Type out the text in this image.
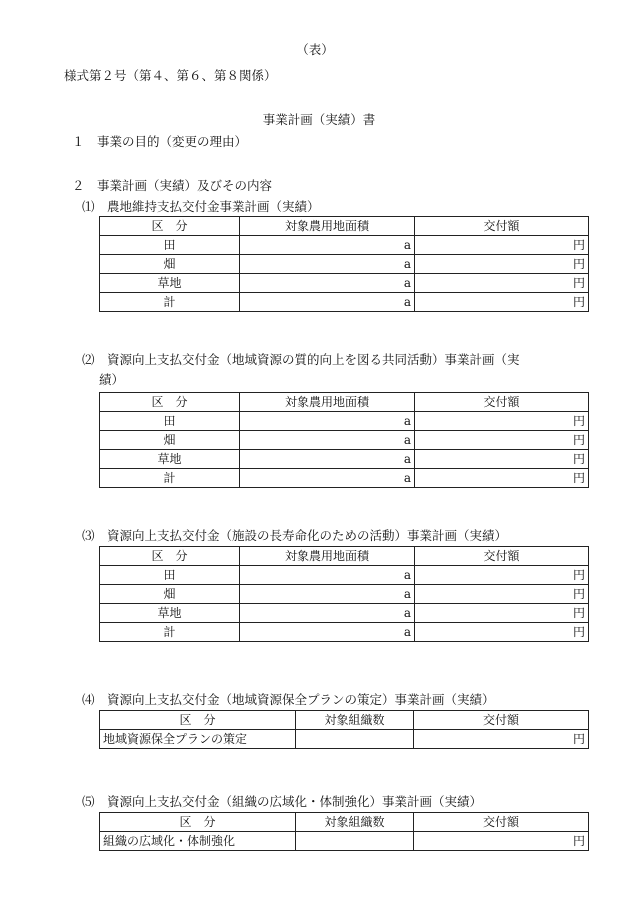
（表）
様式第２号（第４、第６、第８関係）
事業計画（実績）書
１　事業の目的（変更の理由）
２　事業計画（実績）及びその内容
⑴　農地維持支払交付金事業計画（実績）
区　分	対象農用地面積	交付額
田	a	円
畑	a	円
草地	a	円
計	a	円
⑵　資源向上支払交付金（地域資源の質的向上を図る共同活動）事業計画（実
績）
区　分	対象農用地面積	交付額
田	a	円
畑	a	円
草地	a	円
計	a	円
⑶　資源向上支払交付金（施設の長寿命化のための活動）事業計画（実績）
区　分	対象農用地面積	交付額
田	a	円
畑	a	円
草地	a	円
計	a	円
⑷　資源向上支払交付金（地域資源保全プランの策定）事業計画（実績）
区　分	対象組織数	交付額
地域資源保全プランの策定		円
⑸　資源向上支払交付金（組織の広域化・体制強化）事業計画（実績）
区　分	対象組織数	交付額
組織の広域化・体制強化		円
